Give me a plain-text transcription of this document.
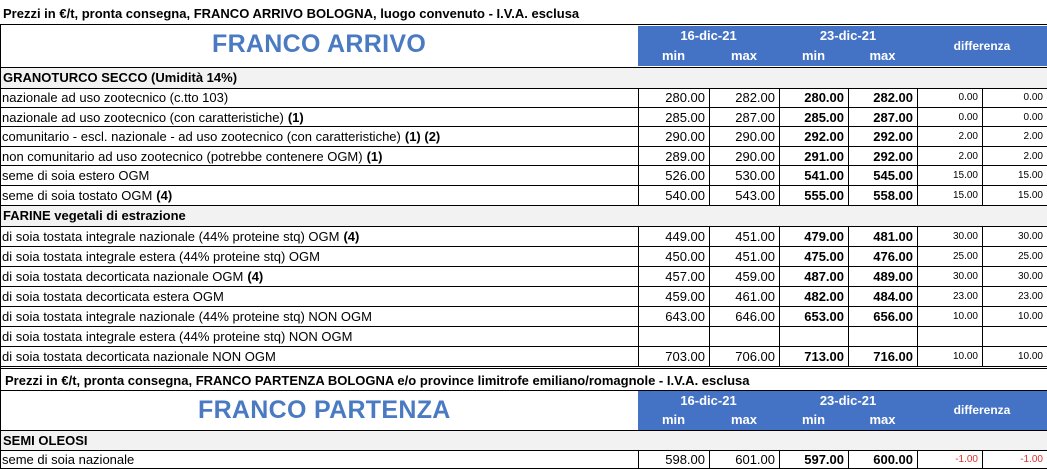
Prezzi in €/t, pronta consegna, FRANCO ARRIVO BOLOGNA, luogo convenuto - I.V.A. esclusa
FRANCO ARRIVO	16-dic-21	23-dic-21
min	max	min	max
differenza
GRANOTURCO SECCO (Umidità 14%)
nazionale ad uso zootecnico (c.tto 103)	280.00	282.00	280.00	282.00	0.00	0.00
nazionale ad uso zootecnico (con caratteristiche) (1)	285.00	287.00	285.00	287.00	0.00	0.00
comunitario - escl. nazionale - ad uso zootecnico (con caratteristiche) (1) (2)	290.00	290.00	292.00	292.00	2.00	2.00
non comunitario ad uso zootecnico (potrebbe contenere OGM) (1)	289.00	290.00	291.00	292.00	2.00	2.00
seme di soia estero OGM	526.00	530.00	541.00	545.00	15.00	15.00
seme di soia tostato OGM (4)	540.00	543.00	555.00	558.00	15.00	15.00
FARINE vegetali di estrazione
di soia tostata integrale nazionale (44% proteine stq) OGM (4)	449.00	451.00	479.00	481.00	30.00	30.00
di soia tostata integrale estera (44% proteine stq) OGM	450.00	451.00	475.00	476.00	25.00	25.00
di soia tostata decorticata nazionale OGM (4)	457.00	459.00	487.00	489.00	30.00	30.00
di soia tostata decorticata estera OGM	459.00	461.00	482.00	484.00	23.00	23.00
di soia tostata integrale nazionale (44% proteine stq) NON OGM	643.00	646.00	653.00	656.00	10.00	10.00
di soia tostata integrale estera (44% proteine stq) NON OGM
di soia tostata decorticata nazionale NON OGM	703.00	706.00	713.00	716.00	10.00	10.00
Prezzi in €/t, pronta consegna, FRANCO PARTENZA BOLOGNA e/o province limitrofe emiliano/romagnole - I.V.A. esclusa
FRANCO PARTENZA	16-dic-21	23-dic-21
min	max	min	max
differenza
SEMI OLEOSI
seme di soia nazionale	598.00	601.00	597.00	600.00	-1.00	-1.00
